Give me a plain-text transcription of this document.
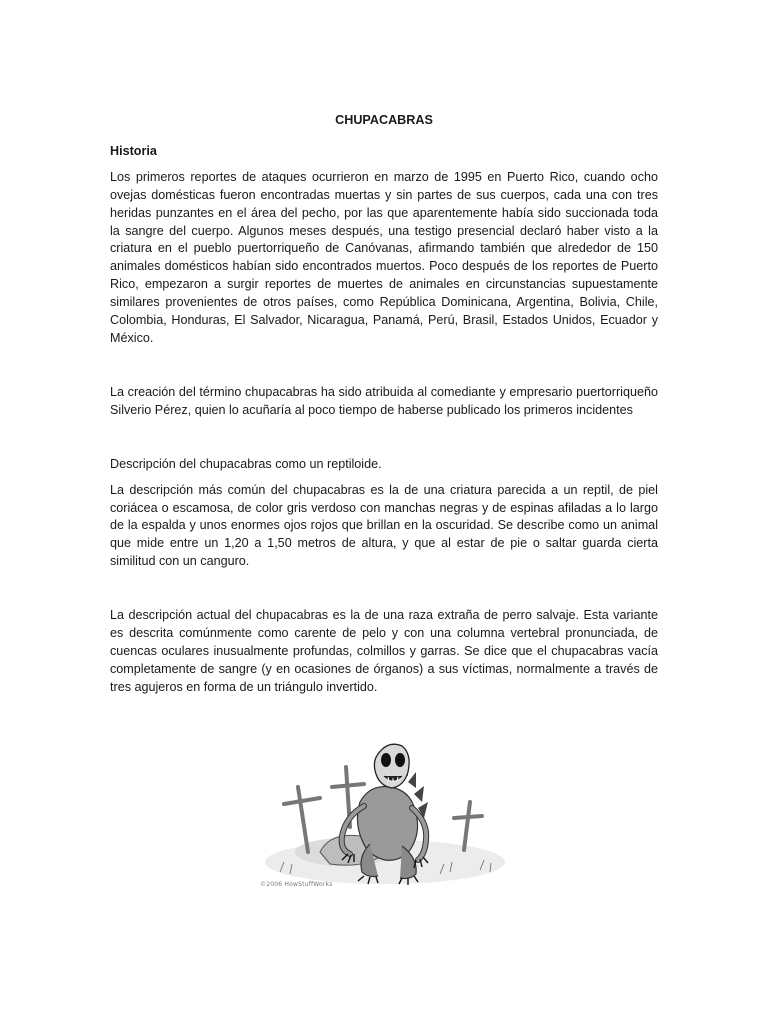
CHUPACABRAS
Historia

Los primeros reportes de ataques ocurrieron en marzo de 1995 en Puerto Rico, cuando ocho ovejas domésticas fueron encontradas muertas y sin partes de sus cuerpos, cada una con tres heridas punzantes en el área del pecho, por las que aparentemente había sido succionada toda la sangre del cuerpo. Algunos meses después, una testigo presencial declaró haber visto a la criatura en el pueblo puertorriqueño de Canóvanas, afirmando también que alrededor de 150 animales domésticos habían sido encontrados muertos. Poco después de los reportes de Puerto Rico, empezaron a surgir reportes de muertes de animales en circunstancias supuestamente similares provenientes de otros países, como República Dominicana, Argentina, Bolivia, Chile, Colombia, Honduras, El Salvador, Nicaragua, Panamá, Perú, Brasil, Estados Unidos, Ecuador y México.

La creación del término chupacabras ha sido atribuida al comediante y empresario puertorriqueño Silverio Pérez, quien lo acuñaría al poco tiempo de haberse publicado los primeros incidentes

Descripción del chupacabras como un reptiloide.

La descripción más común del chupacabras es la de una criatura parecida a un reptil, de piel coriácea o escamosa, de color gris verdoso con manchas negras y de espinas afiladas a lo largo de la espalda y unos enormes ojos rojos que brillan en la oscuridad. Se describe como un animal que mide entre un 1,20 a 1,50 metros de altura, y que al estar de pie o saltar guarda cierta similitud con un canguro.

La descripción actual del chupacabras es la de una raza extraña de perro salvaje. Esta variante es descrita comúnmente como carente de pelo y con una columna vertebral pronunciada, de cuencas oculares inusualmente profundas, colmillos y garras. Se dice que el chupacabras vacía completamente de sangre (y en ocasiones de órganos) a sus víctimas, normalmente a través de tres agujeros en forma de un triángulo invertido.

©2006 HowStuffWorks
